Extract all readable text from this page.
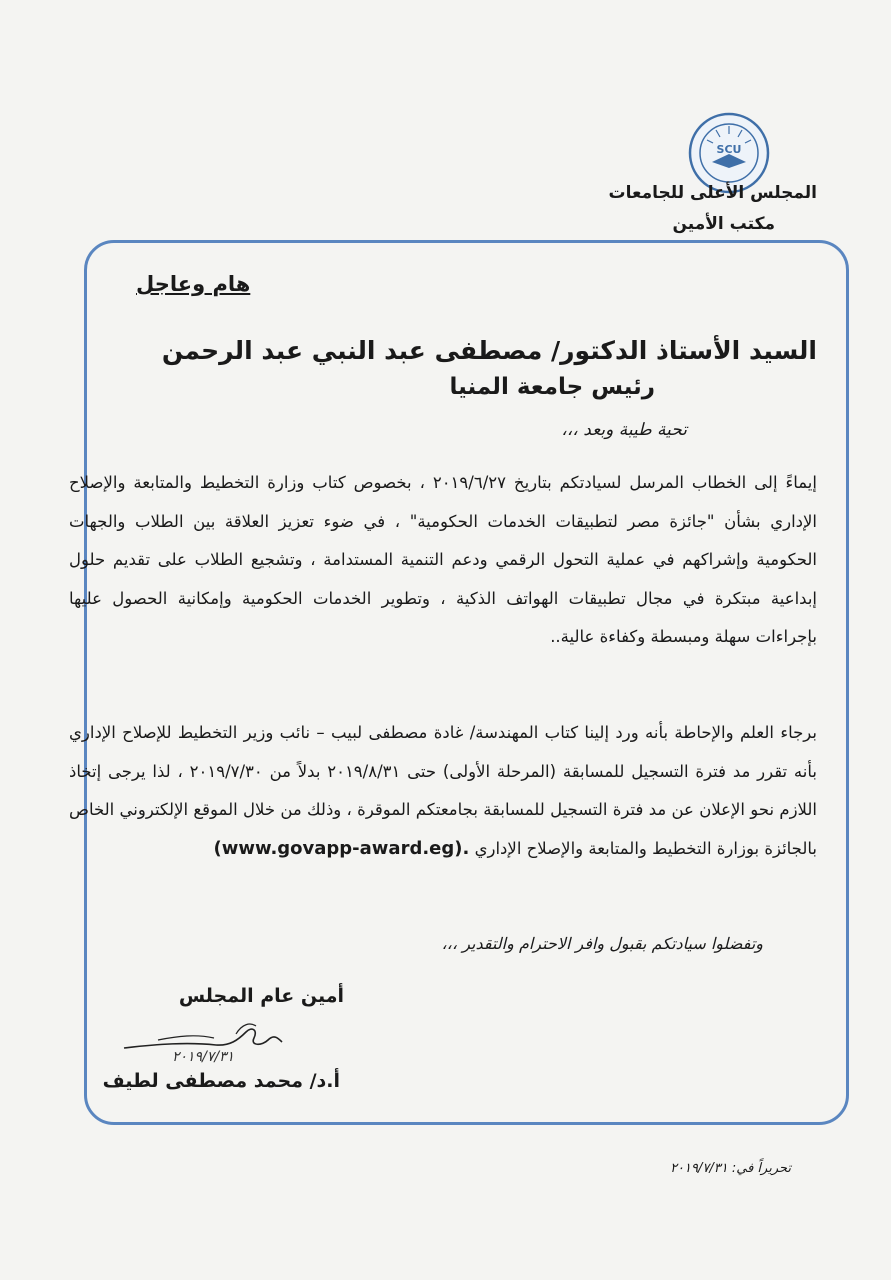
SCU
المجلس الأعلى للجامعات
مكتب الأمين
هام وعاجل
السيد الأستاذ الدكتور/ مصطفى عبد النبي عبد الرحمن
رئيس جامعة المنيا
تحية طيبة وبعد ،،،
إيماءً إلى الخطاب المرسل لسيادتكم بتاريخ ٢٠١٩/٦/٢٧ ، بخصوص كتاب وزارة التخطيط والمتابعة والإصلاح الإداري بشأن "جائزة مصر لتطبيقات الخدمات الحكومية" ، في ضوء تعزيز العلاقة بين الطلاب والجهات الحكومية وإشراكهم في عملية التحول الرقمي ودعم التنمية المستدامة ، وتشجيع الطلاب على تقديم حلول إبداعية مبتكرة في مجال تطبيقات الهواتف الذكية ، وتطوير الخدمات الحكومية وإمكانية الحصول عليها بإجراءات سهلة ومبسطة وكفاءة عالية..
برجاء العلم والإحاطة بأنه ورد إلينا كتاب المهندسة/ غادة مصطفى لبيب – نائب وزير التخطيط للإصلاح الإداري بأنه تقرر مد فترة التسجيل للمسابقة (المرحلة الأولى) حتى ٢٠١٩/٨/٣١ بدلاً من ٢٠١٩/٧/٣٠ ، لذا يرجى إتخاذ اللازم نحو الإعلان عن مد فترة التسجيل للمسابقة بجامعتكم الموقرة ، وذلك من خلال الموقع الإلكتروني الخاص بالجائزة بوزارة التخطيط والمتابعة والإصلاح الإداري (www.govapp-award.eg).
وتفضلوا سيادتكم بقبول وافر الاحترام والتقدير ،،،
أمين عام المجلس
٢٠١٩/٧/٣١
أ.د/ محمد مصطفى لطيف
تحريراً في: ٢٠١٩/٧/٣١
